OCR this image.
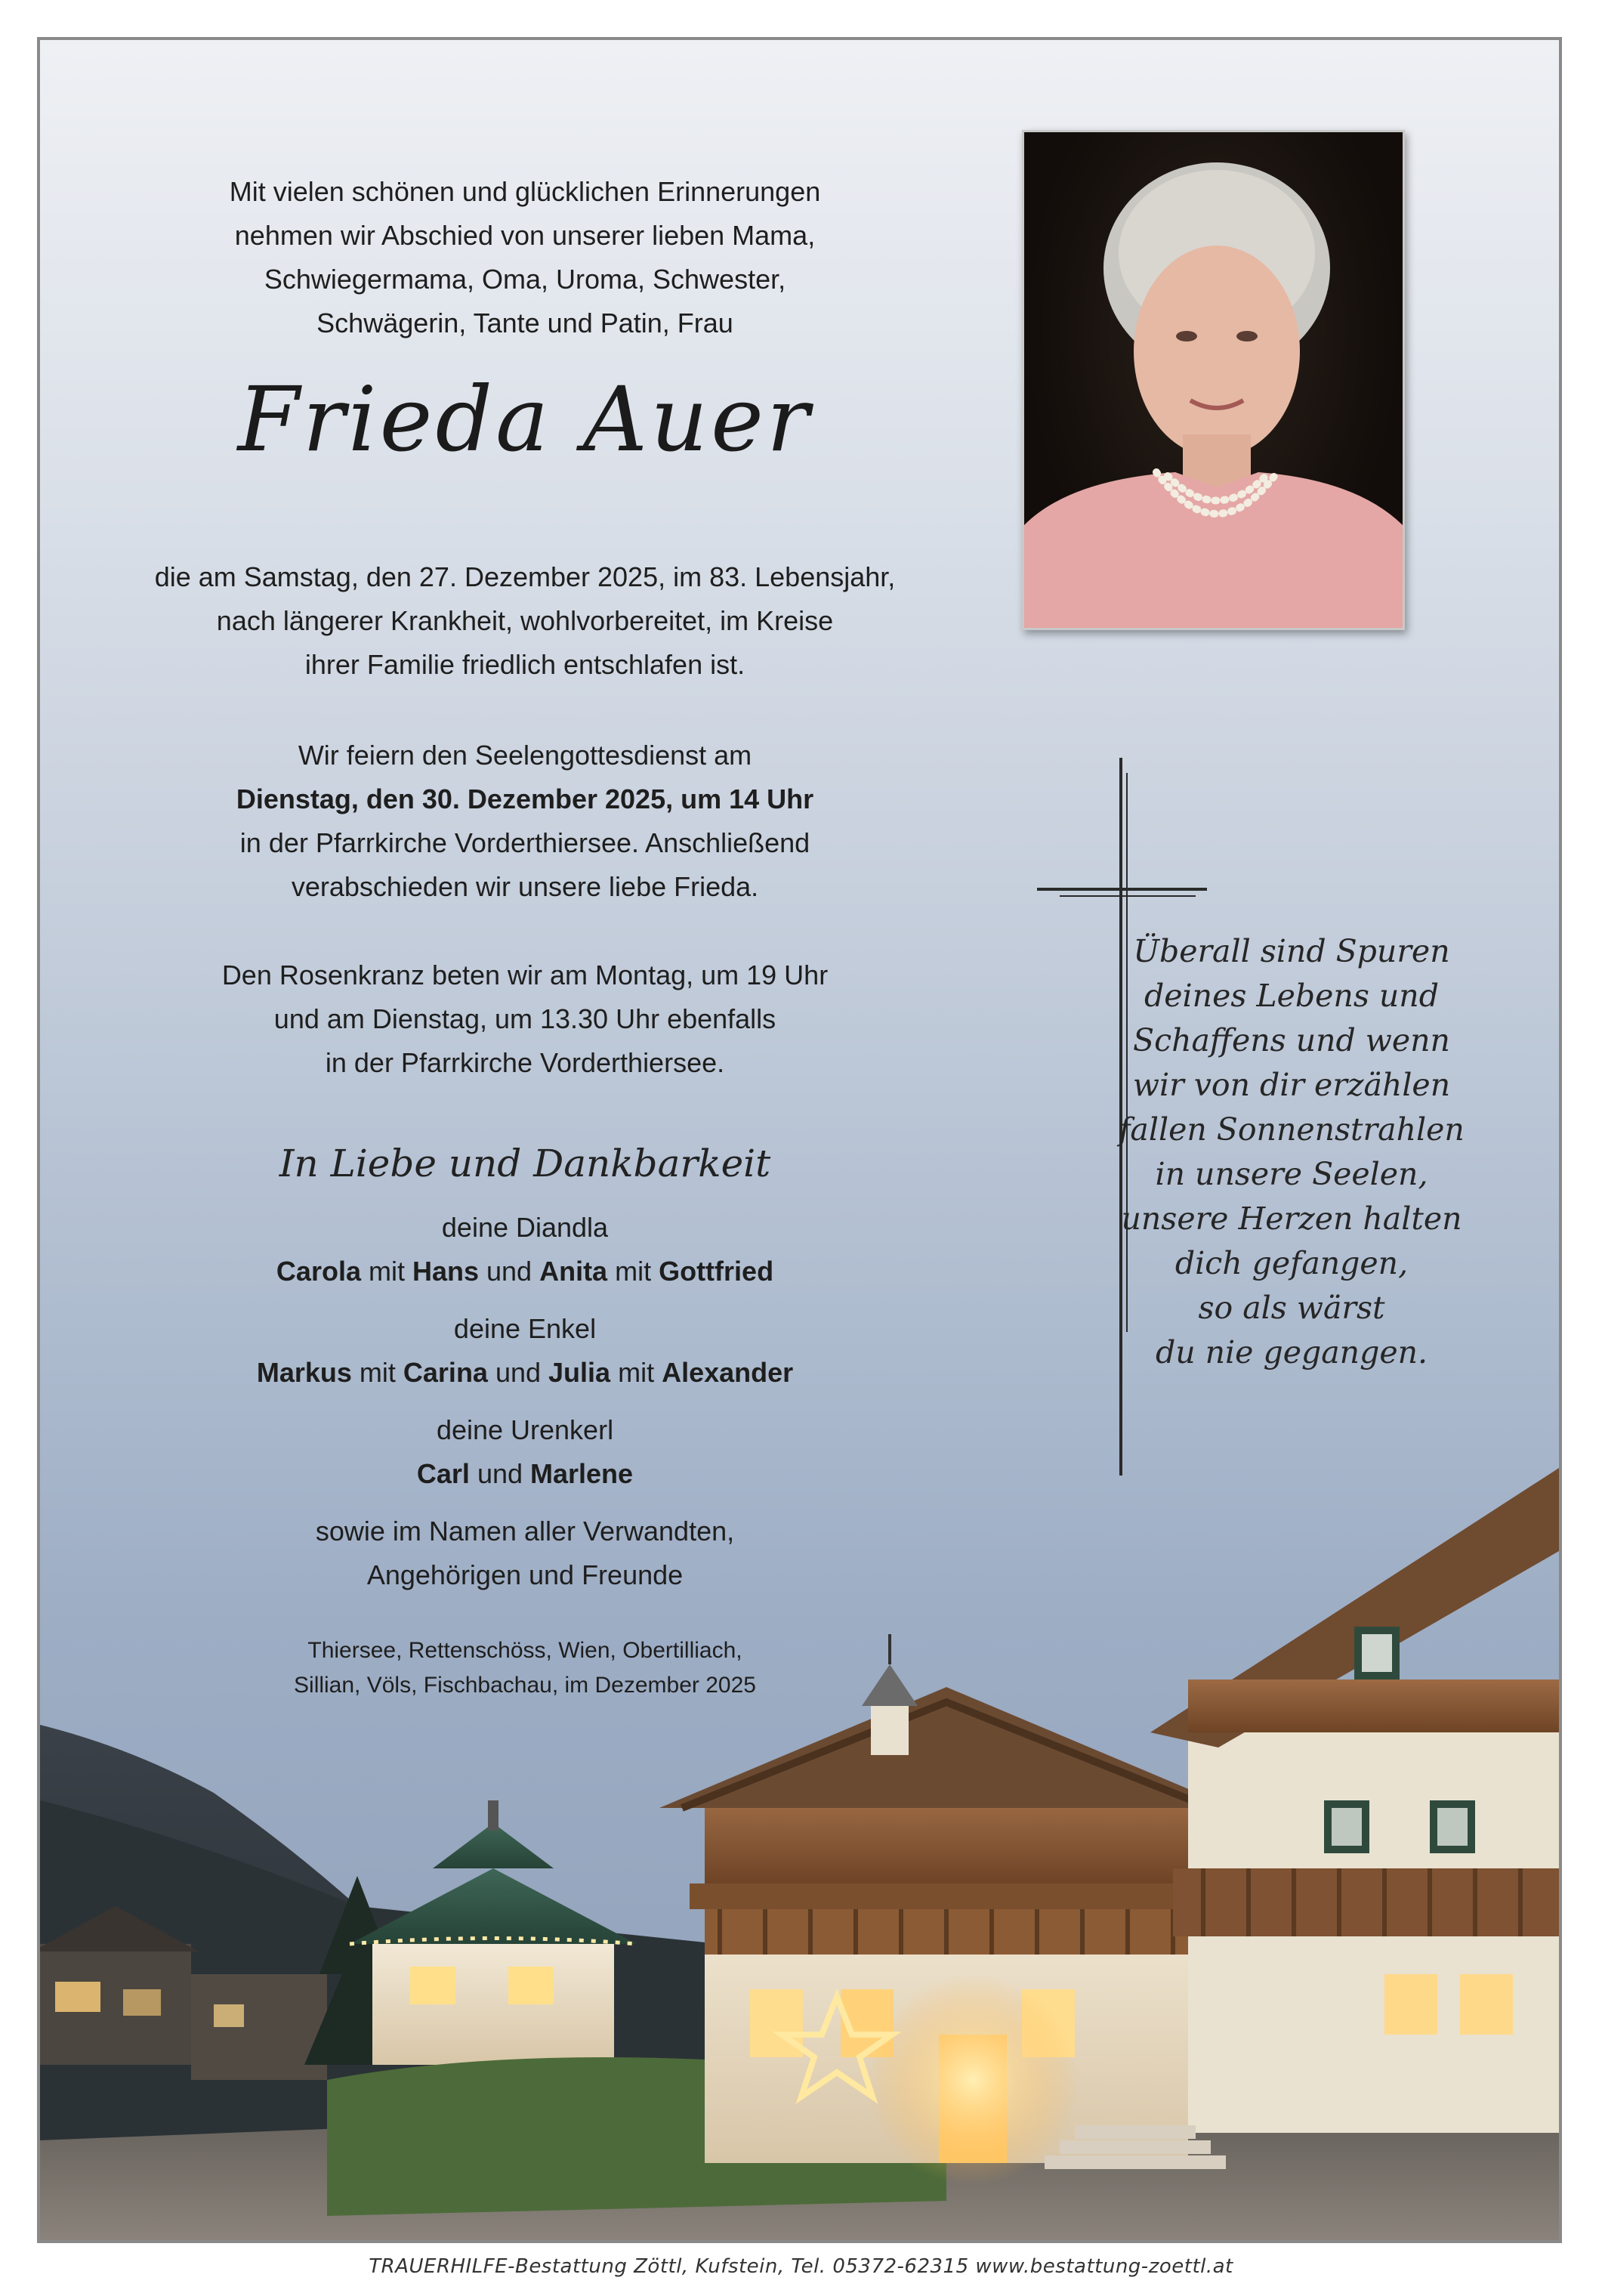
Mit vielen schönen und glücklichen Erinnerungen

nehmen wir Abschied von unserer lieben Mama,

Schwiegermama, Oma, Uroma, Schwester,

Schwägerin, Tante und Patin, Frau

Frieda Auer

die am Samstag, den 27. Dezember 2025, im 83. Lebensjahr,

nach längerer Krankheit, wohlvorbereitet, im Kreise

ihrer Familie friedlich entschlafen ist.

Wir feiern den Seelengottesdienst am

Dienstag, den 30. Dezember 2025, um 14 Uhr

in der Pfarrkirche Vorderthiersee. Anschließend

verabschieden wir unsere liebe Frieda.

Den Rosenkranz beten wir am Montag, um 19 Uhr

und am Dienstag, um 13.30 Uhr ebenfalls

in der Pfarrkirche Vorderthiersee.

In Liebe und Dankbarkeit

deine Diandla

Carola mit Hans und Anita mit Gottfried

deine Enkel

Markus mit Carina und Julia mit Alexander

deine Urenkerl

Carl und Marlene

sowie im Namen aller Verwandten,

Angehörigen und Freunde

Thiersee, Rettenschöss, Wien, Obertilliach,

Sillian, Völs, Fischbachau, im Dezember 2025

Überall sind Spuren
deines Lebens und
Schaffens und wenn
wir von dir erzählen
fallen Sonnenstrahlen
in unsere Seelen,
unsere Herzen halten
dich gefangen,
so als wärst
du nie gegangen.
TRAUERHILFE-Bestattung Zöttl, Kufstein, Tel. 05372-62315 www.bestattung-zoettl.at
